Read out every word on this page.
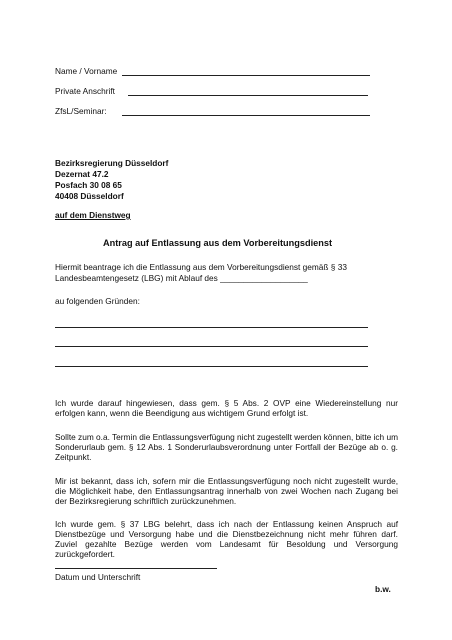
Name / Vorname
Private Anschrift
ZfsL/Seminar:
Bezirksregierung Düsseldorf
Dezernat 47.2
Posfach 30 08 65
40408 Düsseldorf
auf dem Dienstweg
Antrag auf Entlassung aus dem Vorbereitungsdienst
Hiermit beantrage ich die Entlassung aus dem Vorbereitungsdienst gemäß § 33
Landesbeamtengesetz (LBG) mit Ablauf des ___________________
au folgenden Gründen:
Ich wurde darauf hingewiesen, dass gem. § 5 Abs. 2 OVP eine Wiedereinstellung nur erfolgen kann, wenn die Beendigung aus wichtigem Grund erfolgt ist.
Sollte zum o.a. Termin die Entlassungsverfügung nicht zugestellt werden können, bitte ich um Sonderurlaub gem. § 12 Abs. 1 Sonderurlaubsverordnung unter Fortfall der Bezüge ab o. g. Zeitpunkt.
Mir ist bekannt, dass ich, sofern mir die Entlassungsverfügung noch nicht zugestellt wurde, die Möglichkeit habe, den Entlassungsantrag innerhalb von zwei Wochen nach Zugang bei der Bezirksregierung schriftlich zurückzunehmen.
Ich wurde gem. § 37 LBG belehrt, dass ich nach der Entlassung keinen Anspruch auf Dienstbezüge und Versorgung habe und die Dienstbezeichnung nicht mehr führen darf. Zuviel gezahlte Bezüge werden vom Landesamt für Besoldung und Versorgung zurückgefordert.
Datum und Unterschrift
b.w.
